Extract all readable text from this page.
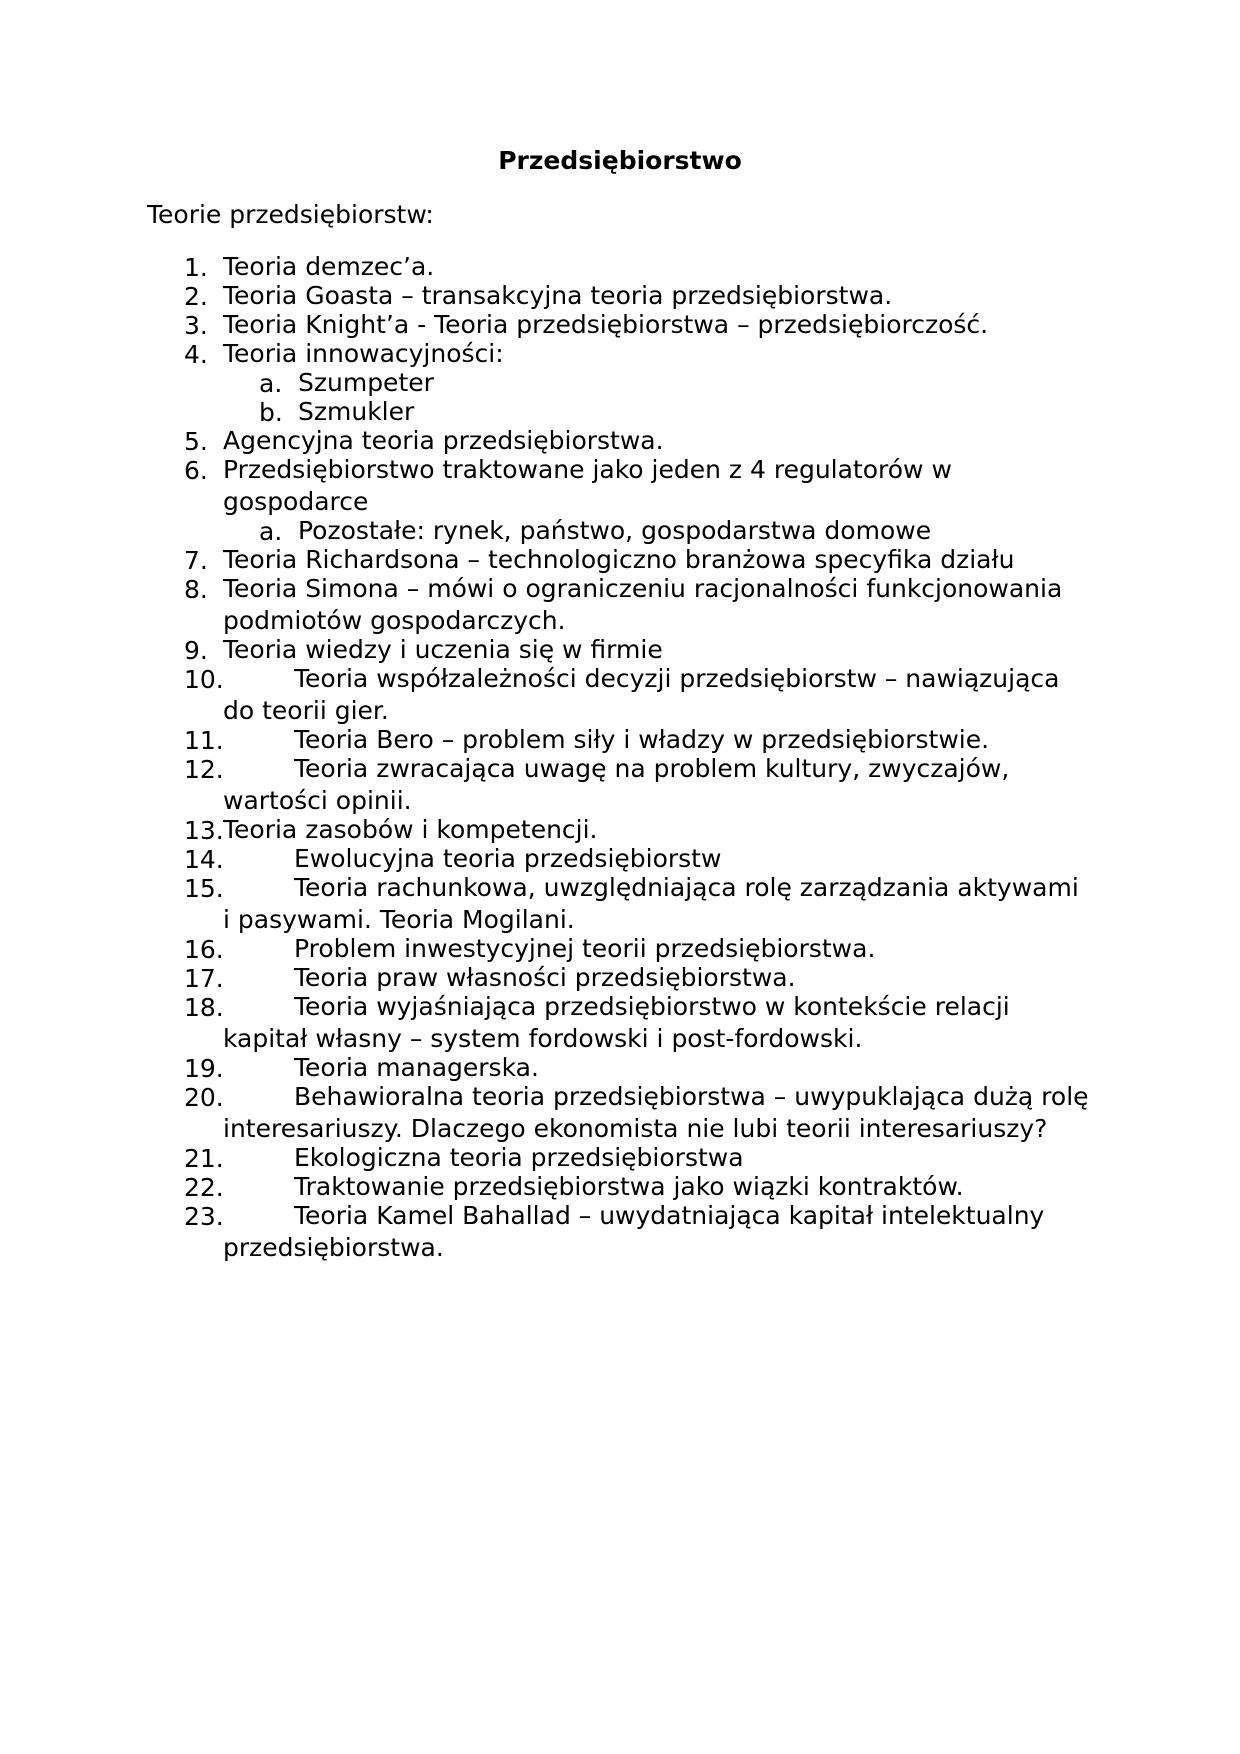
Przedsiębiorstwo
Teorie przedsiębiorstw:
1. Teoria demzec’a.
2. Teoria Goasta – transakcyjna teoria przedsiębiorstwa.
3. Teoria Knight’a - Teoria przedsiębiorstwa – przedsiębiorczość.
4. Teoria innowacyjności:
a. Szumpeter
b. Szmukler
5. Agencyjna teoria przedsiębiorstwa.
6. Przedsiębiorstwo traktowane jako jeden z 4 regulatorów w gospodarce
a. Pozostałe: rynek, państwo, gospodarstwa domowe
7. Teoria Richardsona – technologiczno branżowa specyfika działu
8. Teoria Simona – mówi o ograniczeniu racjonalności funkcjonowania podmiotów gospodarczych.
9. Teoria wiedzy i uczenia się w firmie
10.	Teoria współzależności decyzji przedsiębiorstw – nawiązująca do teorii gier.
11.	Teoria Bero – problem siły i władzy w przedsiębiorstwie.
12.	Teoria zwracająca uwagę na problem kultury, zwyczajów, wartości opinii.
13. Teoria zasobów i kompetencji.
14.	Ewolucyjna teoria przedsiębiorstw
15.	Teoria rachunkowa, uwzględniająca rolę zarządzania aktywami i pasywami. Teoria Mogilani.
16.	Problem inwestycyjnej teorii przedsiębiorstwa.
17.	Teoria praw własności przedsiębiorstwa.
18.	Teoria wyjaśniająca przedsiębiorstwo w kontekście relacji kapitał własny – system fordowski i post-fordowski.
19.	Teoria managerska.
20.	Behawioralna teoria przedsiębiorstwa – uwypuklająca dużą rolę interesariuszy. Dlaczego ekonomista nie lubi teorii interesariuszy?
21.	Ekologiczna teoria przedsiębiorstwa
22.	Traktowanie przedsiębiorstwa jako wiązki kontraktów.
23.	Teoria Kamel Bahallad – uwydatniająca kapitał intelektualny przedsiębiorstwa.
